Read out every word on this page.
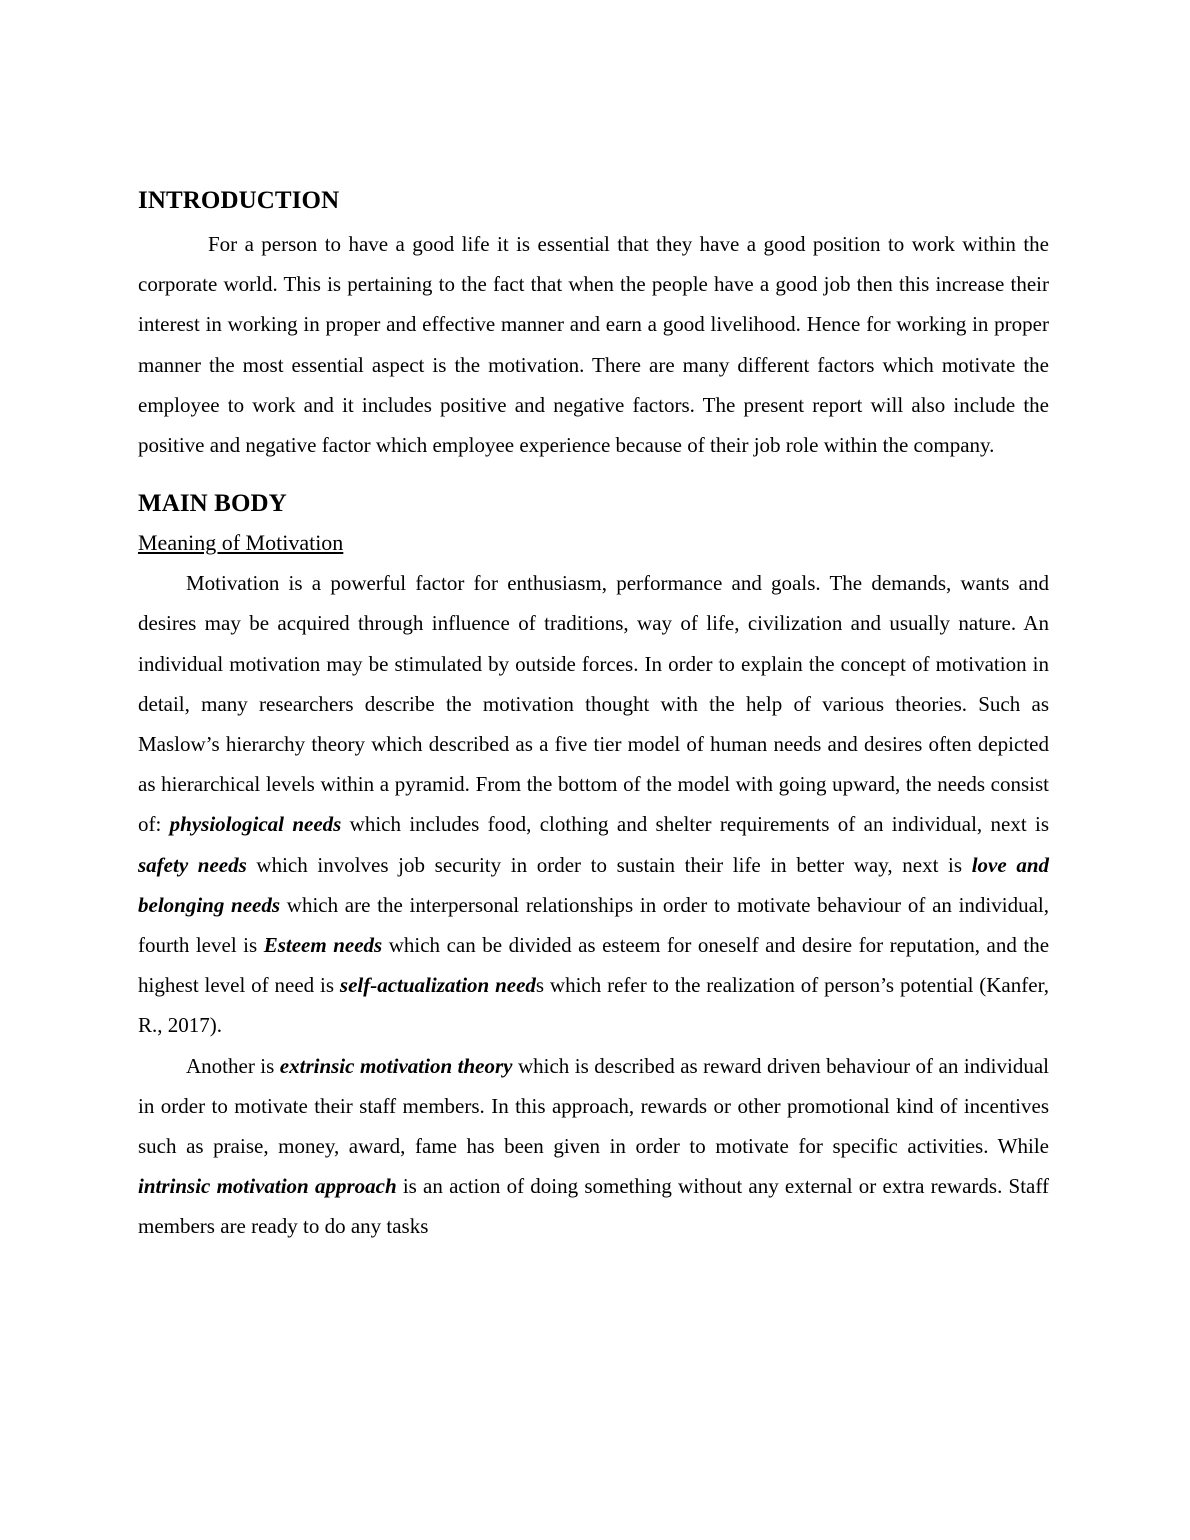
INTRODUCTION

For a person to have a good life it is essential that they have a good position to work within the corporate world. This is pertaining to the fact that when the people have a good job then this increase their interest in working in proper and effective manner and earn a good livelihood. Hence for working in proper manner the most essential aspect is the motivation. There are many different factors which motivate the employee to work and it includes positive and negative factors. The present report will also include the positive and negative factor which employee experience because of their job role within the company.

MAIN BODY
Meaning of Motivation

Motivation is a powerful factor for enthusiasm, performance and goals. The demands, wants and desires may be acquired through influence of traditions, way of life, civilization and usually nature. An individual motivation may be stimulated by outside forces. In order to explain the concept of motivation in detail, many researchers describe the motivation thought with the help of various theories. Such as Maslow’s hierarchy theory which described as a five tier model of human needs and desires often depicted as hierarchical levels within a pyramid. From the bottom of the model with going upward, the needs consist of: physiological needs which includes food, clothing and shelter requirements of an individual, next is safety needs which involves job security in order to sustain their life in better way, next is love and belonging needs which are the interpersonal relationships in order to motivate behaviour of an individual, fourth level is Esteem needs which can be divided as esteem for oneself and desire for reputation, and the highest level of need is self-actualization needs which refer to the realization of person’s potential (Kanfer, R., 2017).

Another is extrinsic motivation theory which is described as reward driven behaviour of an individual in order to motivate their staff members. In this approach, rewards or other promotional kind of incentives such as praise, money, award, fame has been given in order to motivate for specific activities. While intrinsic motivation approach is an action of doing something without any external or extra rewards. Staff members are ready to do any tasks
